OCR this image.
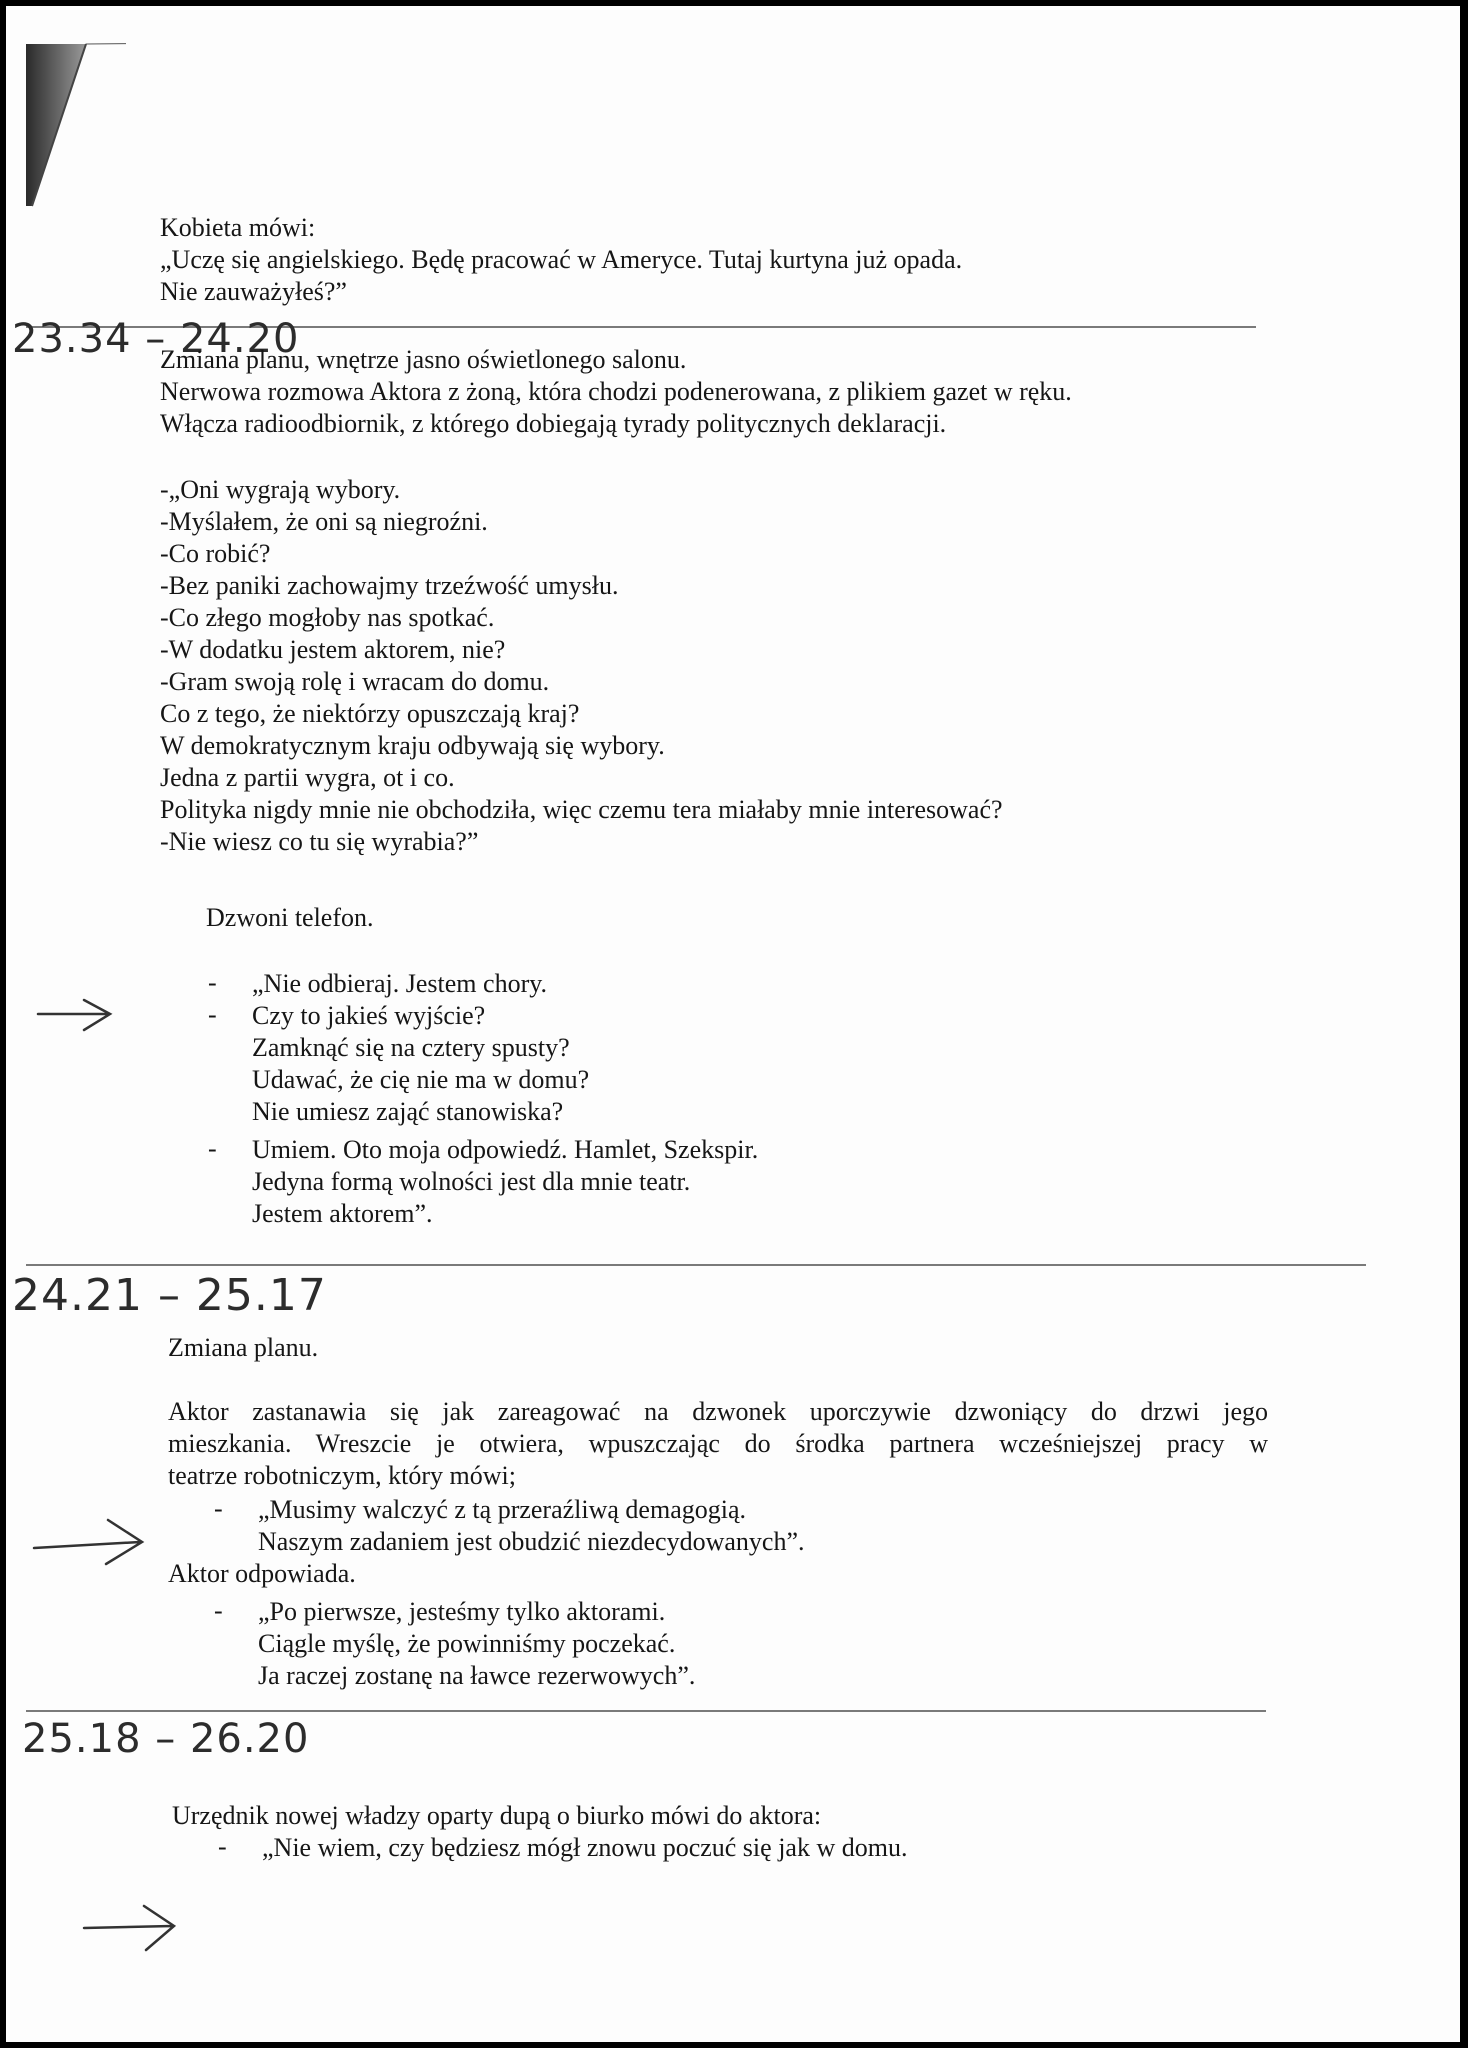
Kobieta mówi:
„Uczę się angielskiego. Będę pracować w Ameryce. Tutaj kurtyna już opada.
Nie zauważyłeś?”
23.34 – 24.20
Zmiana planu, wnętrze jasno oświetlonego salonu.
Nerwowa rozmowa Aktora z żoną, która chodzi podenerowana, z plikiem gazet w ręku.
Włącza radioodbiornik, z którego dobiegają tyrady politycznych deklaracji.
-„Oni wygrają wybory.
-Myślałem, że oni są niegroźni.
-Co robić?
-Bez paniki zachowajmy trzeźwość umysłu.
-Co złego mogłoby nas spotkać.
-W dodatku jestem aktorem, nie?
-Gram swoją rolę i wracam do domu.
Co z tego, że niektórzy opuszczają kraj?
W demokratycznym kraju odbywają się wybory.
Jedna z partii wygra, ot i co.
Polityka nigdy mnie nie obchodziła, więc czemu tera miałaby mnie interesować?
-Nie wiesz co tu się wyrabia?”
Dzwoni telefon.
- „Nie odbieraj. Jestem chory.
- Czy to jakieś wyjście?
Zamknąć się na cztery spusty?
Udawać, że cię nie ma w domu?
Nie umiesz zająć stanowiska?
- Umiem. Oto moja odpowiedź. Hamlet, Szekspir.
Jedyna formą wolności jest dla mnie teatr.
Jestem aktorem”.
24.21 – 25.17
Zmiana planu.
Aktor zastanawia się jak zareagować na dzwonek uporczywie dzwoniący do drzwi jego
mieszkania. Wreszcie je otwiera, wpuszczając do środka partnera wcześniejszej pracy w
teatrze robotniczym, który mówi;
- „Musimy walczyć z tą przeraźliwą demagogią.
Naszym zadaniem jest obudzić niezdecydowanych”.
Aktor odpowiada.
- „Po pierwsze, jesteśmy tylko aktorami.
Ciągle myślę, że powinniśmy poczekać.
Ja raczej zostanę na ławce rezerwowych”.
25.18 – 26.20
Urzędnik nowej władzy oparty dupą o biurko mówi do aktora:
- „Nie wiem, czy będziesz mógł znowu poczuć się jak w domu.
